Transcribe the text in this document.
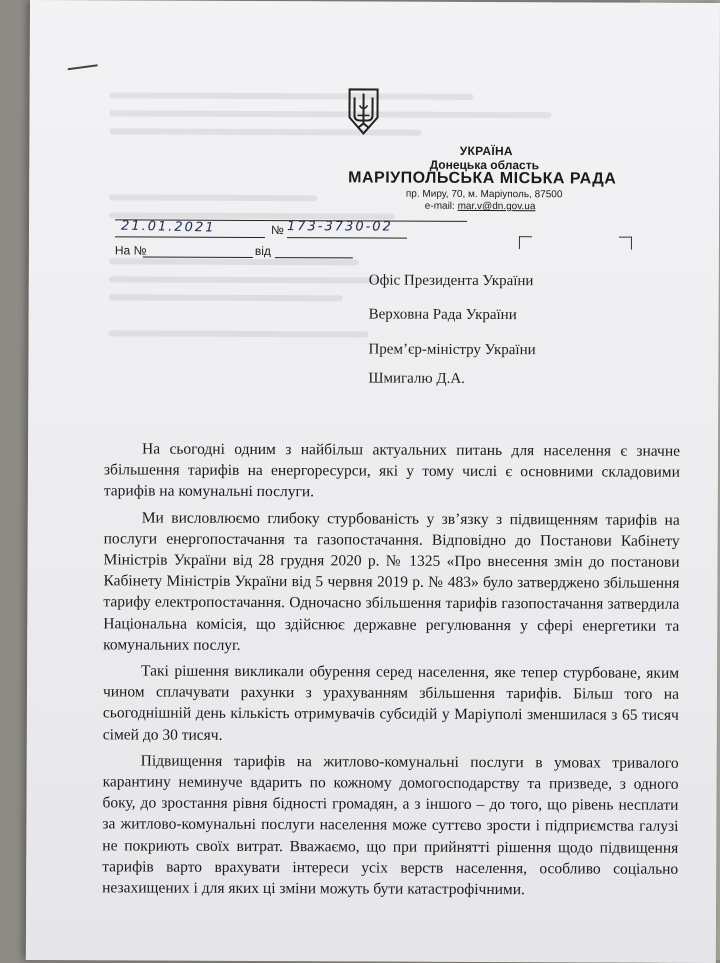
УКРАЇНА
Донецька область
МАРІУПОЛЬСЬКА МІСЬКА РАДА
пр. Миру, 70, м. Маріуполь, 87500
e-mail: mar.v@dn.gov.ua
21.01.2021	№ 173-3730-02
На №	від
Офіс Президента України
Верховна Рада України
Прем’єр-міністру України
Шмигалю Д.А.

На сьогодні одним з найбільш актуальних питань для населення є значне збільшення тарифів на енергоресурси, які у тому числі є основними складовими тарифів на комунальні послуги.

Ми висловлюємо глибоку стурбованість у зв’язку з підвищенням тарифів на послуги енергопостачання та газопостачання. Відповідно до Постанови Кабінету Міністрів України від 28 грудня 2020 р. № 1325 «Про внесення змін до постанови Кабінету Міністрів України від 5 червня 2019 р. № 483» було затверджено збільшення тарифу електропостачання. Одночасно збільшення тарифів газопостачання затвердила Національна комісія, що здійснює державне регулювання у сфері енергетики та комунальних послуг.

Такі рішення викликали обурення серед населення, яке тепер стурбоване, яким чином сплачувати рахунки з урахуванням збільшення тарифів. Більш того на сьогоднішній день кількість отримувачів субсидій у Маріуполі зменшилася з 65 тисяч сімей до 30 тисяч.

Підвищення тарифів на житлово-комунальні послуги в умовах тривалого карантину неминуче вдарить по кожному домогосподарству та призведе, з одного боку, до зростання рівня бідності громадян, а з іншого – до того, що рівень несплати за житлово-комунальні послуги населення може суттєво зрости і підприємства галузі не покриють своїх витрат. Вважаємо, що при прийнятті рішення щодо підвищення тарифів варто врахувати інтереси усіх верств населення, особливо соціально незахищених і для яких ці зміни можуть бути катастрофічними.
